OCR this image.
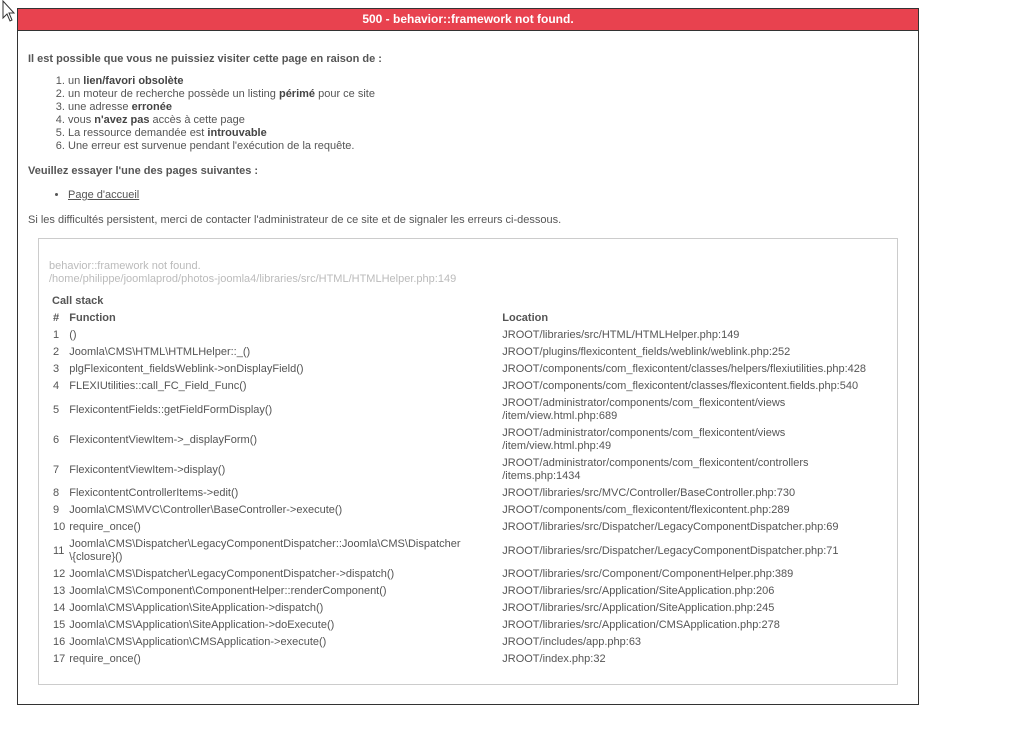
500 - behavior::framework not found.

Il est possible que vous ne puissiez visiter cette page en raison de :

1. un lien/favori obsolète
2. un moteur de recherche possède un listing périmé pour ce site
3. une adresse erronée
4. vous n'avez pas accès à cette page
5. La ressource demandée est introuvable
6. Une erreur est survenue pendant l'exécution de la requête.

Veuillez essayer l'une des pages suivantes :

• Page d'accueil

Si les difficultés persistent, merci de contacter l'administrateur de ce site et de signaler les erreurs ci-dessous.

behavior::framework not found.
/home/philippe/joomlaprod/photos-joomla4/libraries/src/HTML/HTMLHelper.php:149
Call stack
#	Function	Location
1	()	JROOT/libraries/src/HTML/HTMLHelper.php:149
2	Joomla\CMS\HTML\HTMLHelper::_()	JROOT/plugins/flexicontent_fields/weblink/weblink.php:252
3	plgFlexicontent_fieldsWeblink->onDisplayField()	JROOT/components/com_flexicontent/classes/helpers/flexiutilities.php:428
4	FLEXIUtilities::call_FC_Field_Func()	JROOT/components/com_flexicontent/classes/flexicontent.fields.php:540
5	FlexicontentFields::getFieldFormDisplay()	JROOT/administrator/components/com_flexicontent/views
/item/view.html.php:689
6	FlexicontentViewItem->_displayForm()	JROOT/administrator/components/com_flexicontent/views
/item/view.html.php:49
7	FlexicontentViewItem->display()	JROOT/administrator/components/com_flexicontent/controllers
/items.php:1434
8	FlexicontentControllerItems->edit()	JROOT/libraries/src/MVC/Controller/BaseController.php:730
9	Joomla\CMS\MVC\Controller\BaseController->execute()	JROOT/components/com_flexicontent/flexicontent.php:289
10	require_once()	JROOT/libraries/src/Dispatcher/LegacyComponentDispatcher.php:69
11	Joomla\CMS\Dispatcher\LegacyComponentDispatcher::Joomla\CMS\Dispatcher
\{closure}()	JROOT/libraries/src/Dispatcher/LegacyComponentDispatcher.php:71
12	Joomla\CMS\Dispatcher\LegacyComponentDispatcher->dispatch()	JROOT/libraries/src/Component/ComponentHelper.php:389
13	Joomla\CMS\Component\ComponentHelper::renderComponent()	JROOT/libraries/src/Application/SiteApplication.php:206
14	Joomla\CMS\Application\SiteApplication->dispatch()	JROOT/libraries/src/Application/SiteApplication.php:245
15	Joomla\CMS\Application\SiteApplication->doExecute()	JROOT/libraries/src/Application/CMSApplication.php:278
16	Joomla\CMS\Application\CMSApplication->execute()	JROOT/includes/app.php:63
17	require_once()	JROOT/index.php:32
